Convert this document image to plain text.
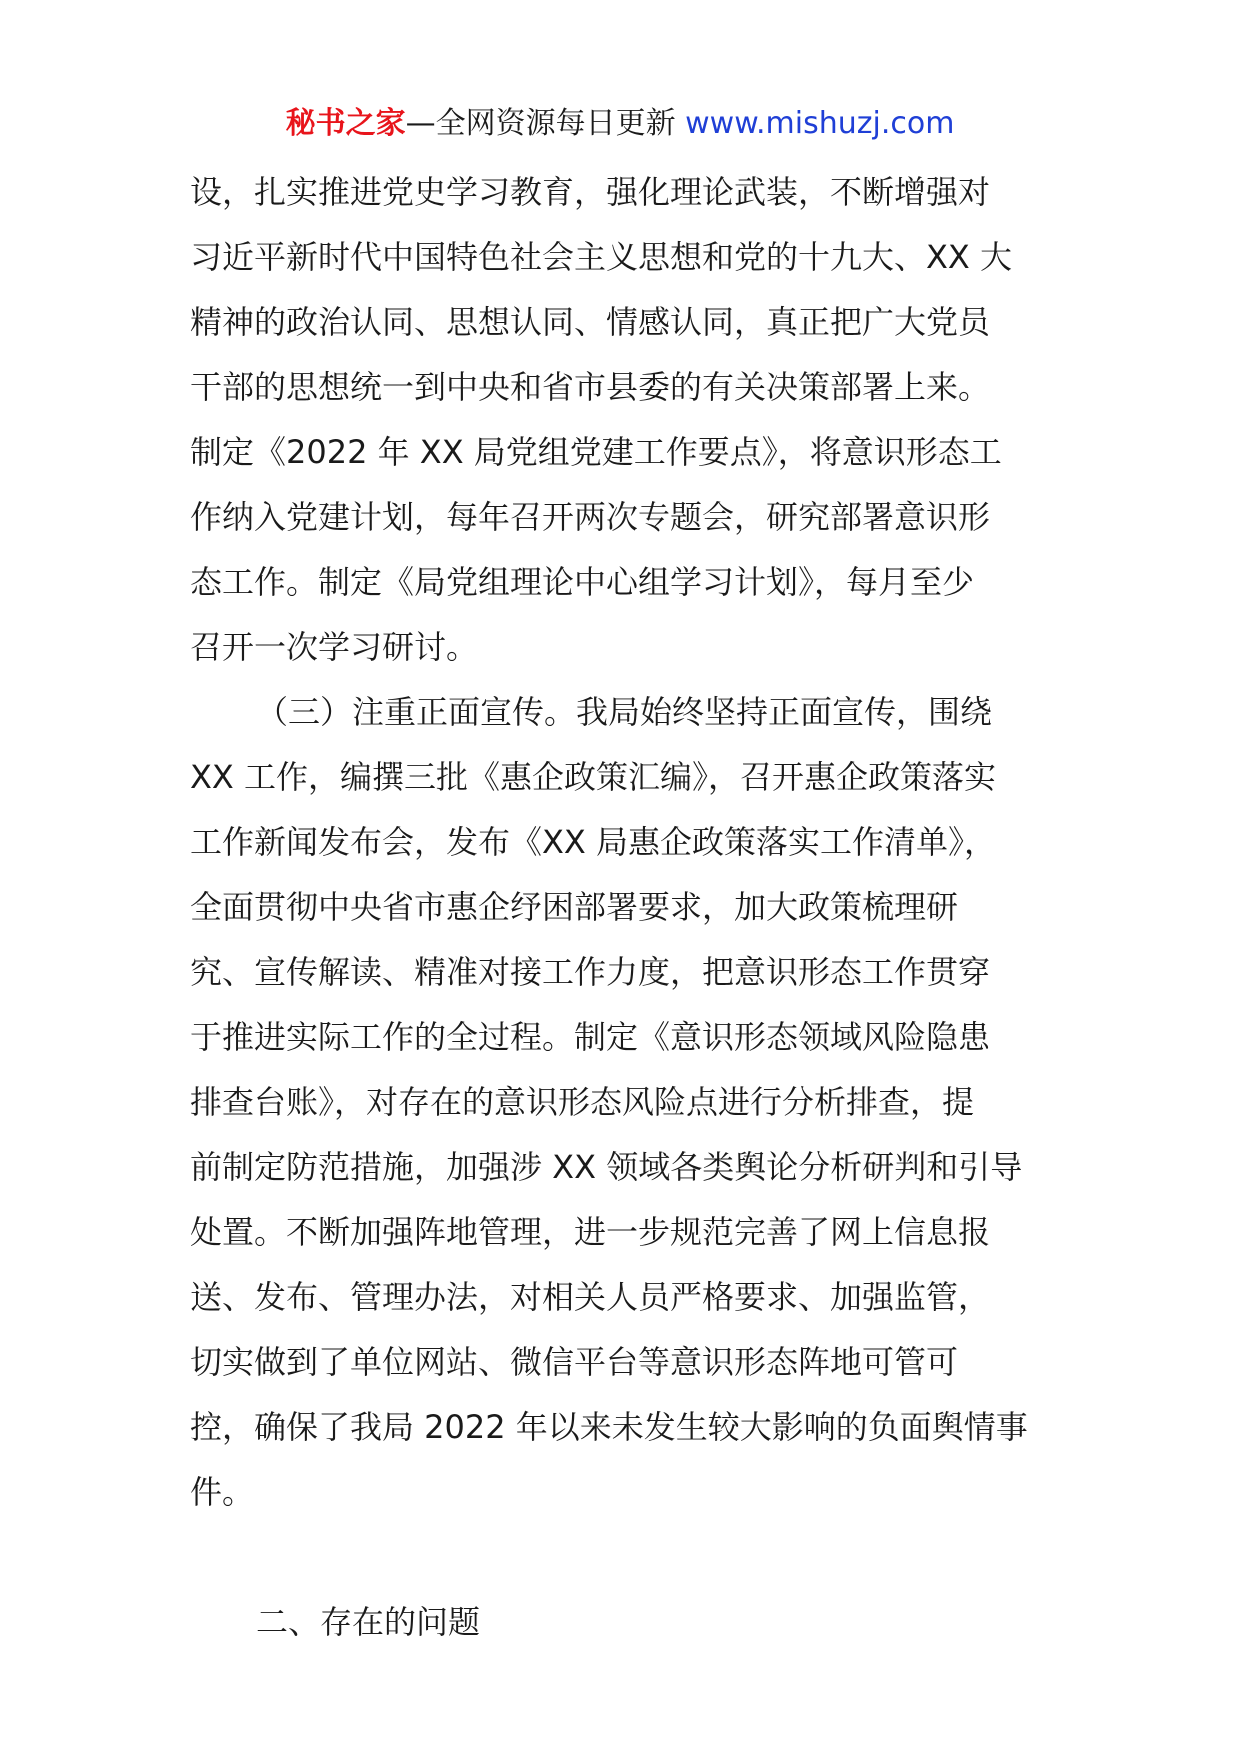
秘书之家—全网资源每日更新 www.mishuzj.com
设，扎实推进党史学习教育，强化理论武装，不断增强对
习近平新时代中国特色社会主义思想和党的十九大、XX 大
精神的政治认同、思想认同、情感认同，真正把广大党员
干部的思想统一到中央和省市县委的有关决策部署上来。
制定《2022 年 XX 局党组党建工作要点》，将意识形态工
作纳入党建计划，每年召开两次专题会，研究部署意识形
态工作。制定《局党组理论中心组学习计划》，每月至少
召开一次学习研讨。
（三）注重正面宣传。我局始终坚持正面宣传，围绕
XX 工作，编撰三批《惠企政策汇编》，召开惠企政策落实
工作新闻发布会，发布《XX 局惠企政策落实工作清单》，
全面贯彻中央省市惠企纾困部署要求，加大政策梳理研
究、宣传解读、精准对接工作力度，把意识形态工作贯穿
于推进实际工作的全过程。制定《意识形态领域风险隐患
排查台账》，对存在的意识形态风险点进行分析排查，提
前制定防范措施，加强涉 XX 领域各类舆论分析研判和引导
处置。不断加强阵地管理，进一步规范完善了网上信息报
送、发布、管理办法，对相关人员严格要求、加强监管，
切实做到了单位网站、微信平台等意识形态阵地可管可
控，确保了我局 2022 年以来未发生较大影响的负面舆情事
件。
二、存在的问题
